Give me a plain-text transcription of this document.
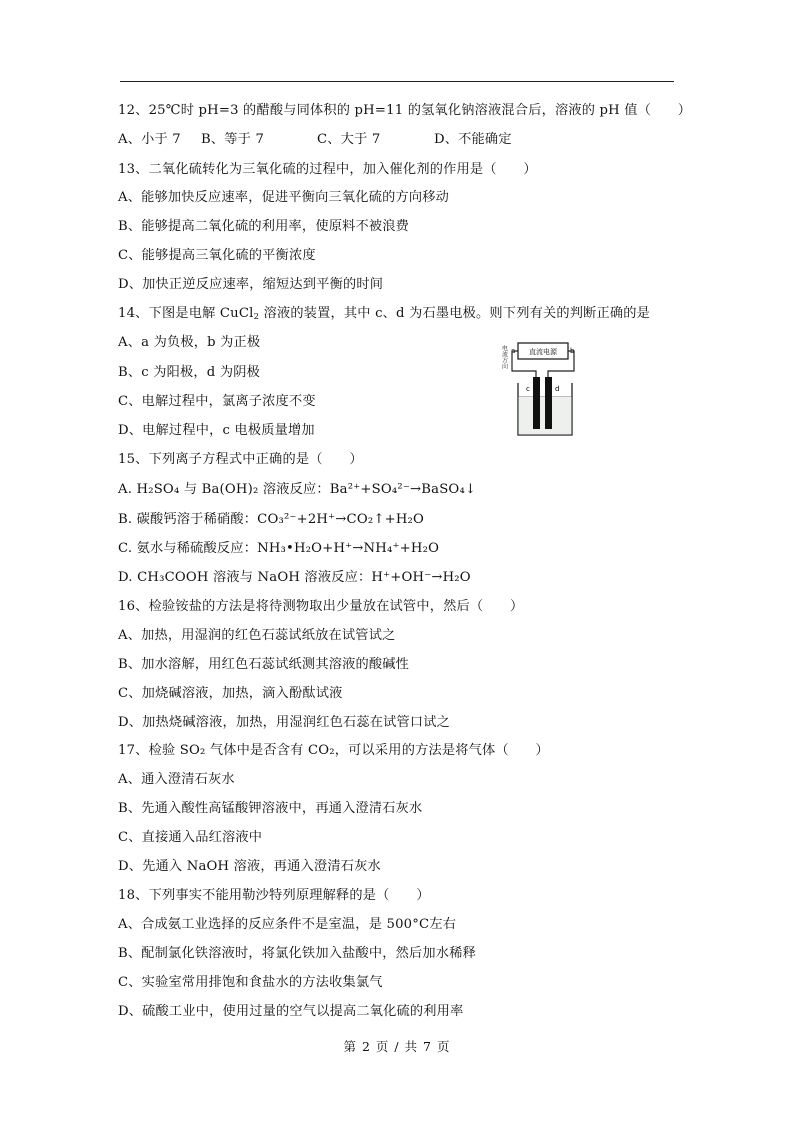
12、25℃时 pH=3 的醋酸与同体积的 pH=11 的氢氧化钠溶液混合后，溶液的 pH 值（　　）
A、小于 7 B、等于 7	C、大于 7	D、不能确定
13、二氧化硫转化为三氧化硫的过程中，加入催化剂的作用是（　　）
A、能够加快反应速率，促进平衡向三氧化硫的方向移动
B、能够提高二氧化硫的利用率，使原料不被浪费
C、能够提高三氧化硫的平衡浓度
D、加快正逆反应速率，缩短达到平衡的时间
14、下图是电解 CuCl$_2$ 溶液的装置，其中 c、d 为石墨电极。则下列有关的判断正确的是
A、a 为负极，b 为正极
B、c 为阳极，d 为阴极
C、电解过程中，氯离子浓度不变
D、电解过程中，c 电极质量增加
电流方向	直流电源
a	b
c	d
15、下列离子方程式中正确的是（　　）
A. H₂SO₄ 与 Ba(OH)₂ 溶液反应：Ba²⁺+SO₄²⁻→BaSO₄↓
B. 碳酸钙溶于稀硝酸：CO₃²⁻+2H⁺→CO₂↑+H₂O
C. 氨水与稀硫酸反应：NH₃•H₂O+H⁺→NH₄⁺+H₂O
D. CH₃COOH 溶液与 NaOH 溶液反应：H⁺+OH⁻→H₂O
16、检验铵盐的方法是将待测物取出少量放在试管中，然后（　　）
A、加热，用湿润的红色石蕊试纸放在试管试之
B、加水溶解，用红色石蕊试纸测其溶液的酸碱性
C、加烧碱溶液，加热，滴入酚酞试液
D、加热烧碱溶液，加热，用湿润红色石蕊在试管口试之
17、检验 SO₂ 气体中是否含有 CO₂，可以采用的方法是将气体（　　）
A、通入澄清石灰水
B、先通入酸性高锰酸钾溶液中，再通入澄清石灰水
C、直接通入品红溶液中
D、先通入 NaOH 溶液，再通入澄清石灰水
18、下列事实不能用勒沙特列原理解释的是（　　）
A、合成氨工业选择的反应条件不是室温，是 500°C左右
B、配制氯化铁溶液时，将氯化铁加入盐酸中，然后加水稀释
C、实验室常用排饱和食盐水的方法收集氯气
D、硫酸工业中，使用过量的空气以提高二氧化硫的利用率
第 2 页 / 共 7 页
